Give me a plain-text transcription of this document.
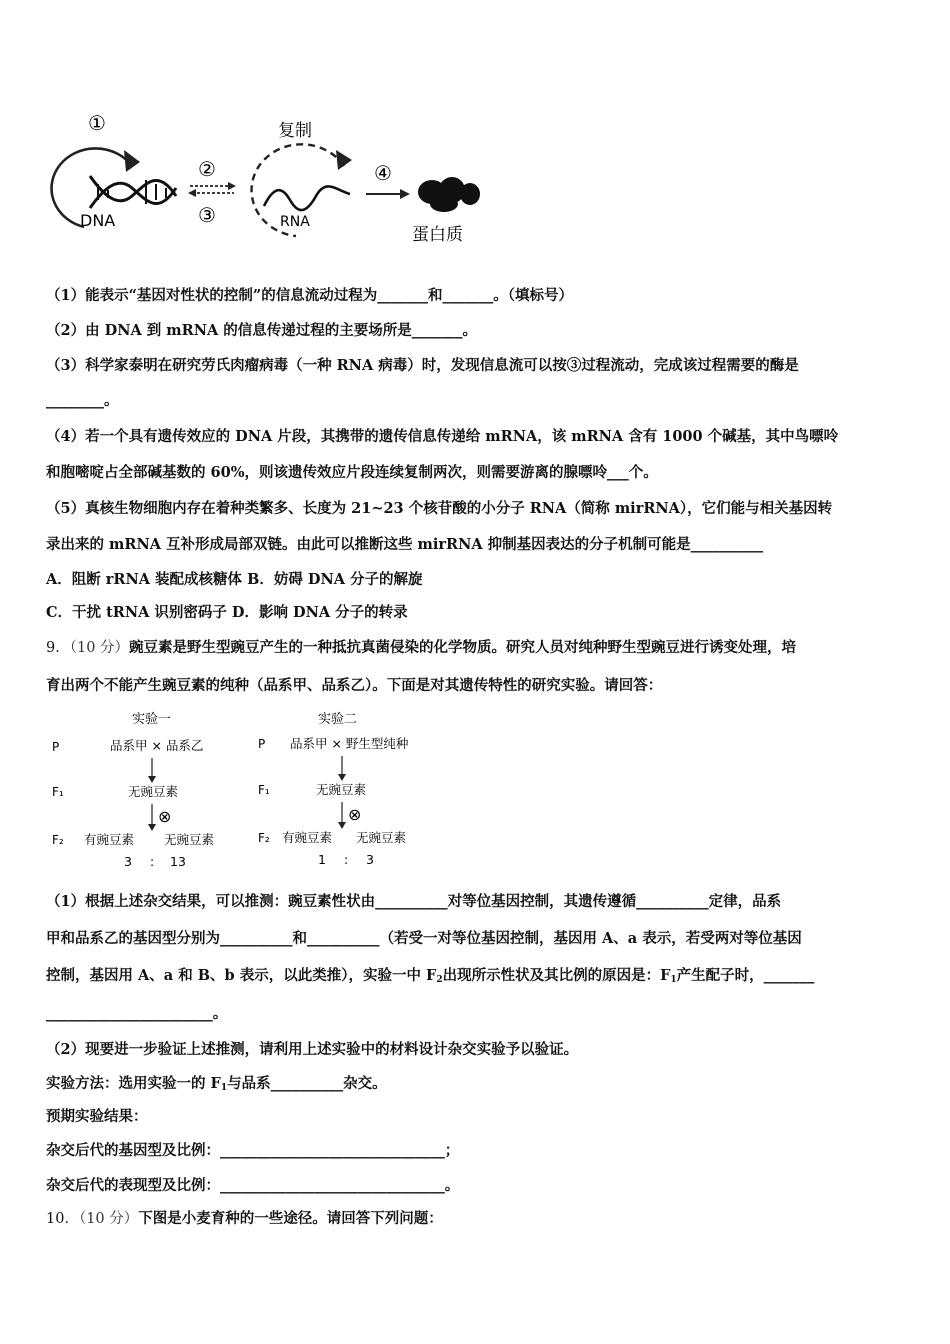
①
DNA
②
③
复制
RNA
④
蛋白质
（1）能表示“基因对性状的控制”的信息流动过程为_______和_______。（填标号）
（2）由 DNA 到 mRNA 的信息传递过程的主要场所是_______。
（3）科学家泰明在研究劳氏肉瘤病毒（一种 RNA 病毒）时，发现信息流可以按③过程流动，完成该过程需要的酶是
________。
（4）若一个具有遗传效应的 DNA 片段，其携带的遗传信息传递给 mRNA，该 mRNA 含有 1000 个碱基，其中鸟嘌呤
和胞嘧啶占全部碱基数的 60%，则该遗传效应片段连续复制两次，则需要游离的腺嘌呤___个。
（5）真核生物细胞内存在着种类繁多、长度为 21~23 个核苷酸的小分子 RNA（简称 mirRNA），它们能与相关基因转
录出来的 mRNA 互补形成局部双链。由此可以推断这些 mirRNA 抑制基因表达的分子机制可能是__________
A．阻断 rRNA 装配成核糖体 B．妨碍 DNA 分子的解旋
C．干扰 tRNA 识别密码子 D．影响 DNA 分子的转录
9．（10 分）豌豆素是野生型豌豆产生的一种抵抗真菌侵染的化学物质。研究人员对纯种野生型豌豆进行诱变处理，培
育出两个不能产生豌豆素的纯种（品系甲、品系乙）。下面是对其遗传特性的研究实验。请回答：
实验一
P	品系甲 × 品系乙
F₁	无豌豆素
⊗
F₂ 有豌豆素 无豌豆素
3 : 13
实验二
P 品系甲 × 野生型纯种
F₁	无豌豆素
⊗
F₂ 有豌豆素 无豌豆素
1 : 3
（1）根据上述杂交结果，可以推测：豌豆素性状由__________对等位基因控制，其遗传遵循__________定律，品系
甲和品系乙的基因型分别为__________和__________（若受一对等位基因控制，基因用 A、a 表示，若受两对等位基因
控制，基因用 A、a 和 B、b 表示，以此类推），实验一中 $F_2$出现所示性状及其比例的原因是：$F_1$产生配子时，_______
_______________________。
（2）现要进一步验证上述推测，请利用上述实验中的材料设计杂交实验予以验证。
实验方法：选用实验一的 $F_1$与品系__________杂交。
预期实验结果：
杂交后代的基因型及比例：_______________________________；
杂交后代的表现型及比例：_______________________________。
10．（10 分）下图是小麦育种的一些途径。请回答下列问题：
